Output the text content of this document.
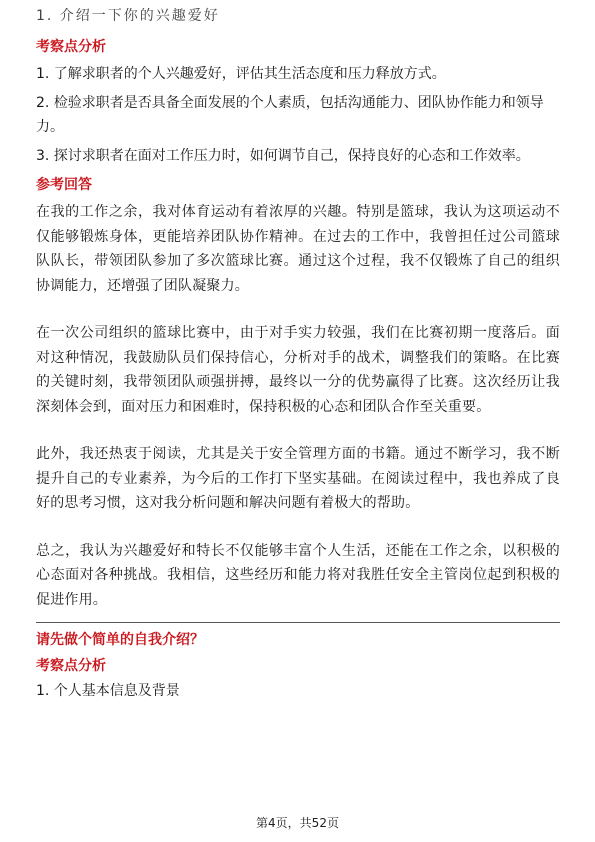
1. 介绍一下你的兴趣爱好
考察点分析
1. 了解求职者的个人兴趣爱好，评估其生活态度和压力释放方式。
2. 检验求职者是否具备全面发展的个人素质，包括沟通能力、团队协作能力和领导力。
3. 探讨求职者在面对工作压力时，如何调节自己，保持良好的心态和工作效率。
参考回答
在我的工作之余，我对体育运动有着浓厚的兴趣。特别是篮球，我认为这项运动不仅能够锻炼身体，更能培养团队协作精神。在过去的工作中，我曾担任过公司篮球队队长，带领团队参加了多次篮球比赛。通过这个过程，我不仅锻炼了自己的组织协调能力，还增强了团队凝聚力。
在一次公司组织的篮球比赛中，由于对手实力较强，我们在比赛初期一度落后。面对这种情况，我鼓励队员们保持信心，分析对手的战术，调整我们的策略。在比赛的关键时刻，我带领团队顽强拼搏，最终以一分的优势赢得了比赛。这次经历让我深刻体会到，面对压力和困难时，保持积极的心态和团队合作至关重要。
此外，我还热衷于阅读，尤其是关于安全管理方面的书籍。通过不断学习，我不断提升自己的专业素养，为今后的工作打下坚实基础。在阅读过程中，我也养成了良好的思考习惯，这对我分析问题和解决问题有着极大的帮助。
总之，我认为兴趣爱好和特长不仅能够丰富个人生活，还能在工作之余，以积极的心态面对各种挑战。我相信，这些经历和能力将对我胜任安全主管岗位起到积极的促进作用。
请先做个简单的自我介绍？
考察点分析
1. 个人基本信息及背景
第4页，共52页
